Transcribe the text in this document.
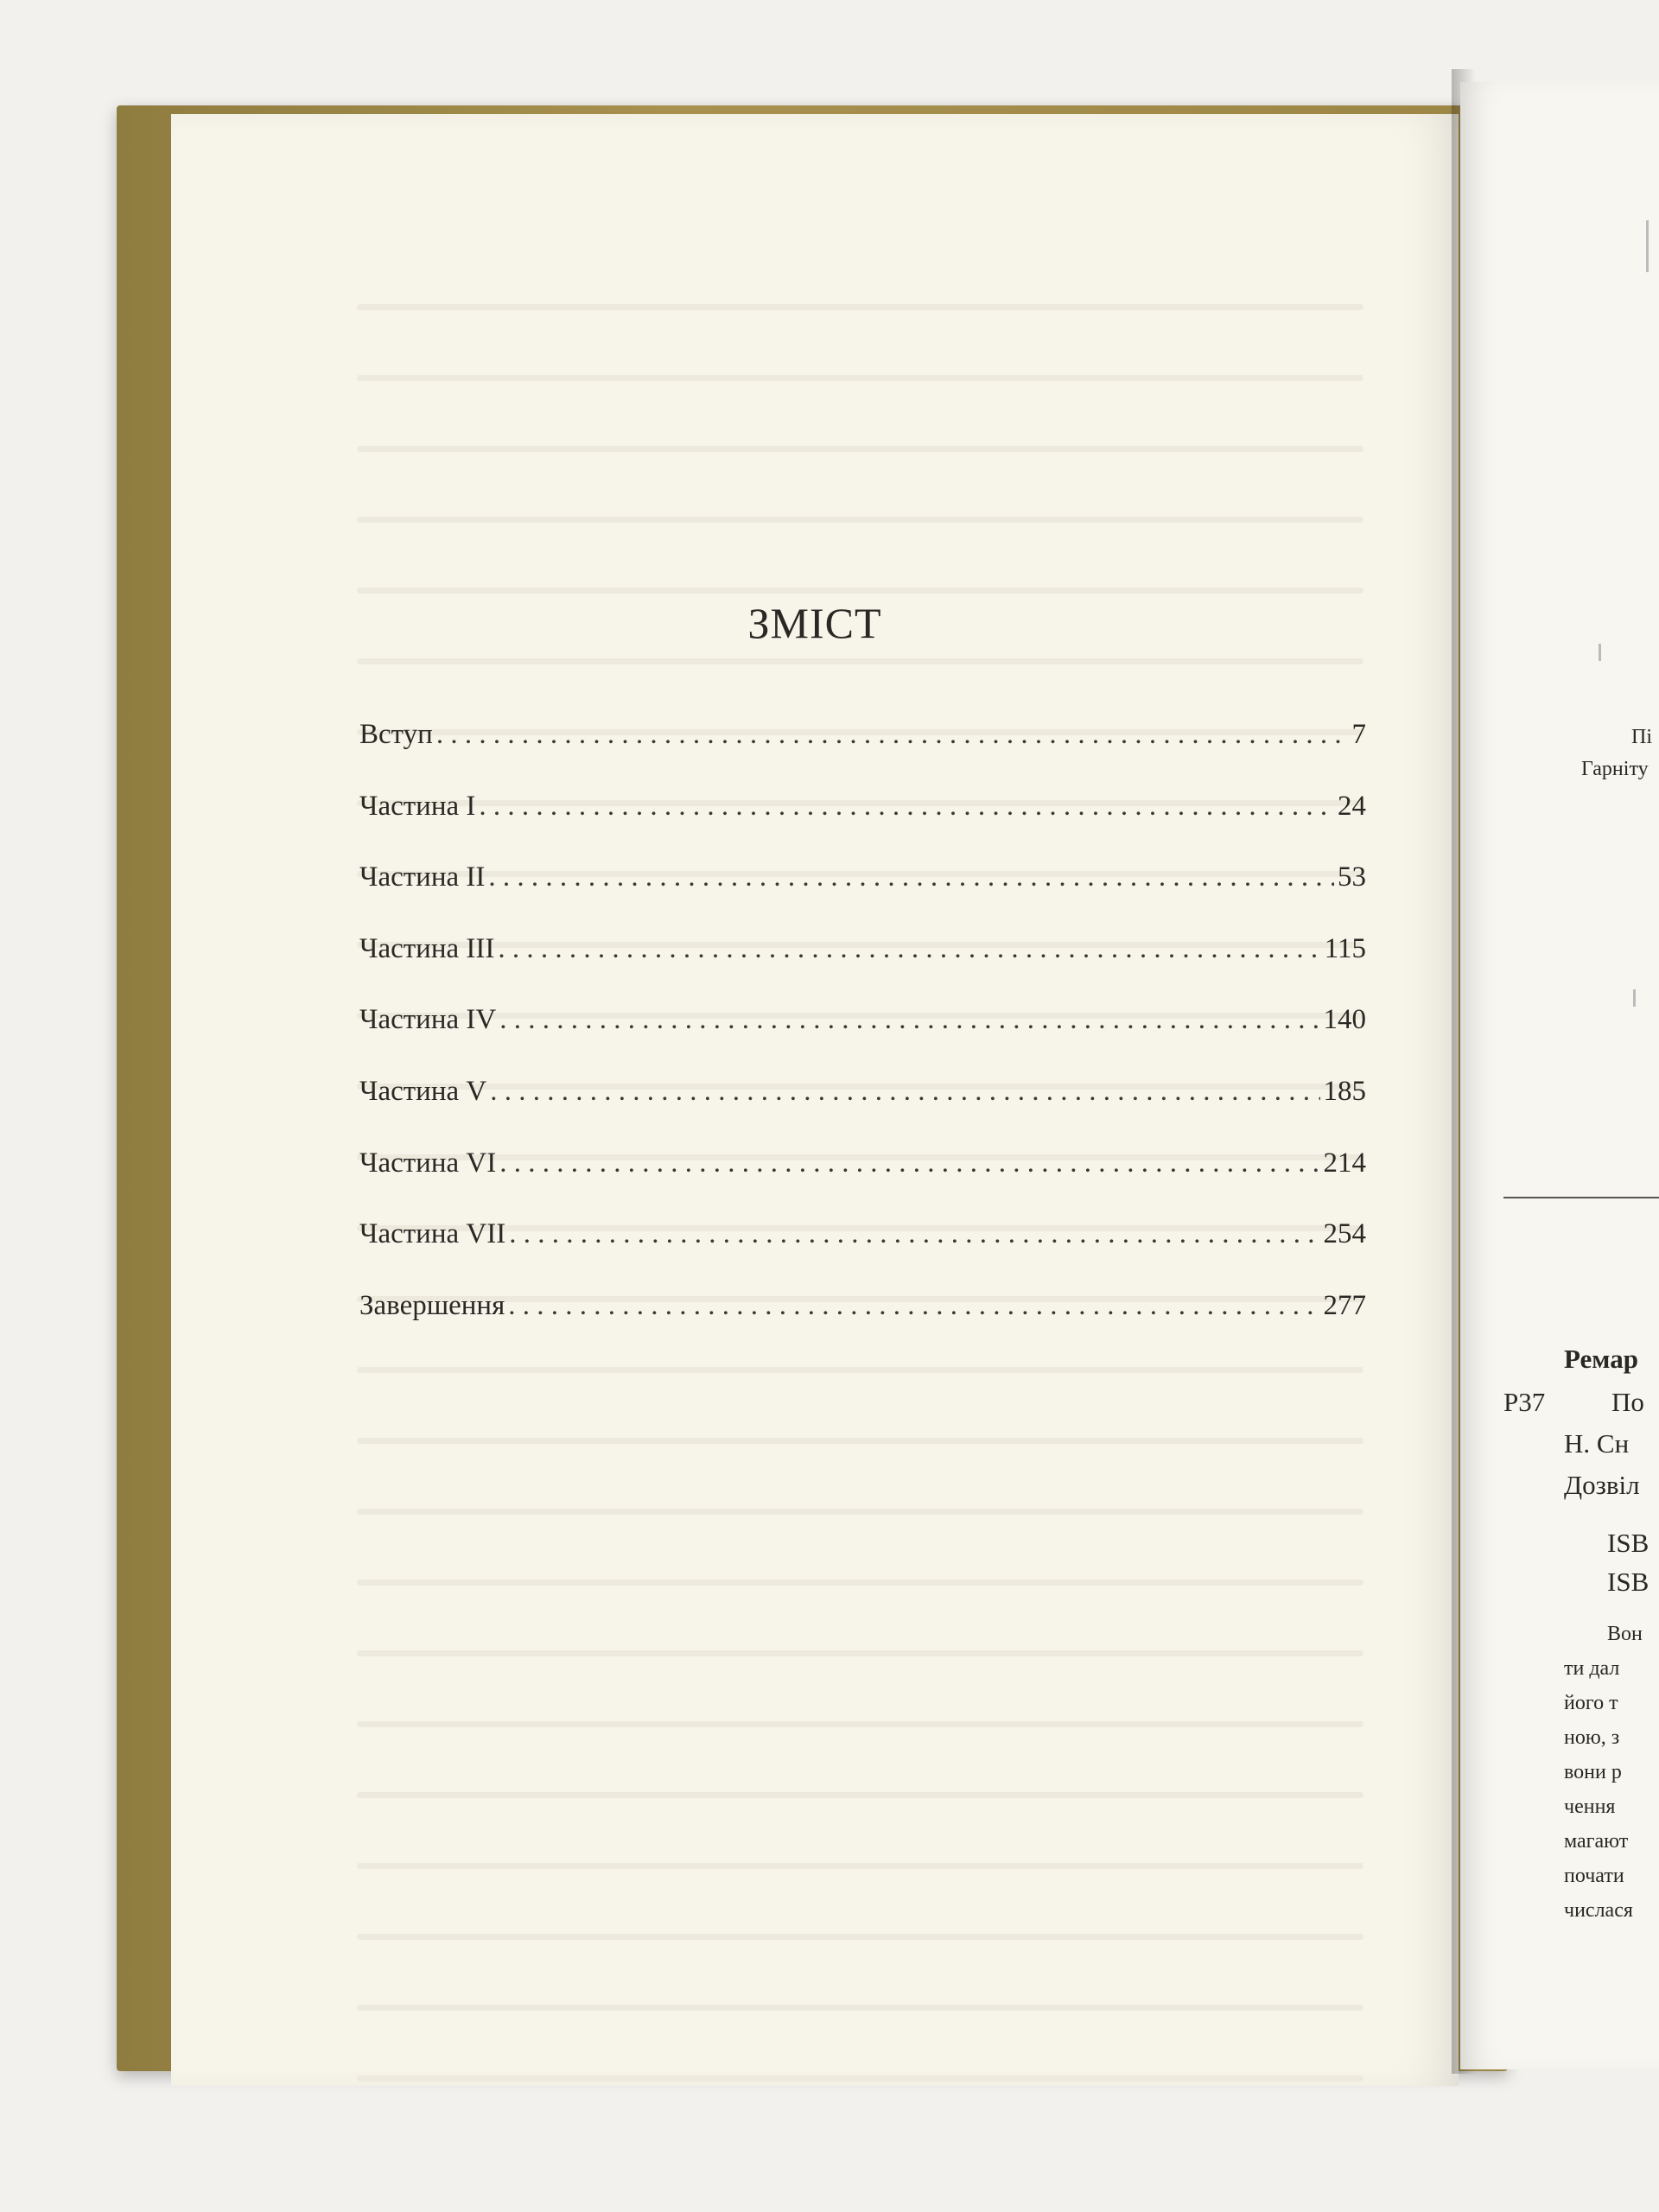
ЗМІСТ
Вступ . . .	7
Частина I . . .	24
Частина II . . .	53
Частина III . . .	115
Частина IV . . .	140
Частина V . . .	185
Частина VI . . .	214
Частина VII . . .	254
Завершення . . .	277
Пі
Гарніту
Ремар
Р37 По
Н. Сн
Дозвіл
ISB
ISB
Вон
ти дал
його т
ною, з
вони р
чення
магают
почати
числася
